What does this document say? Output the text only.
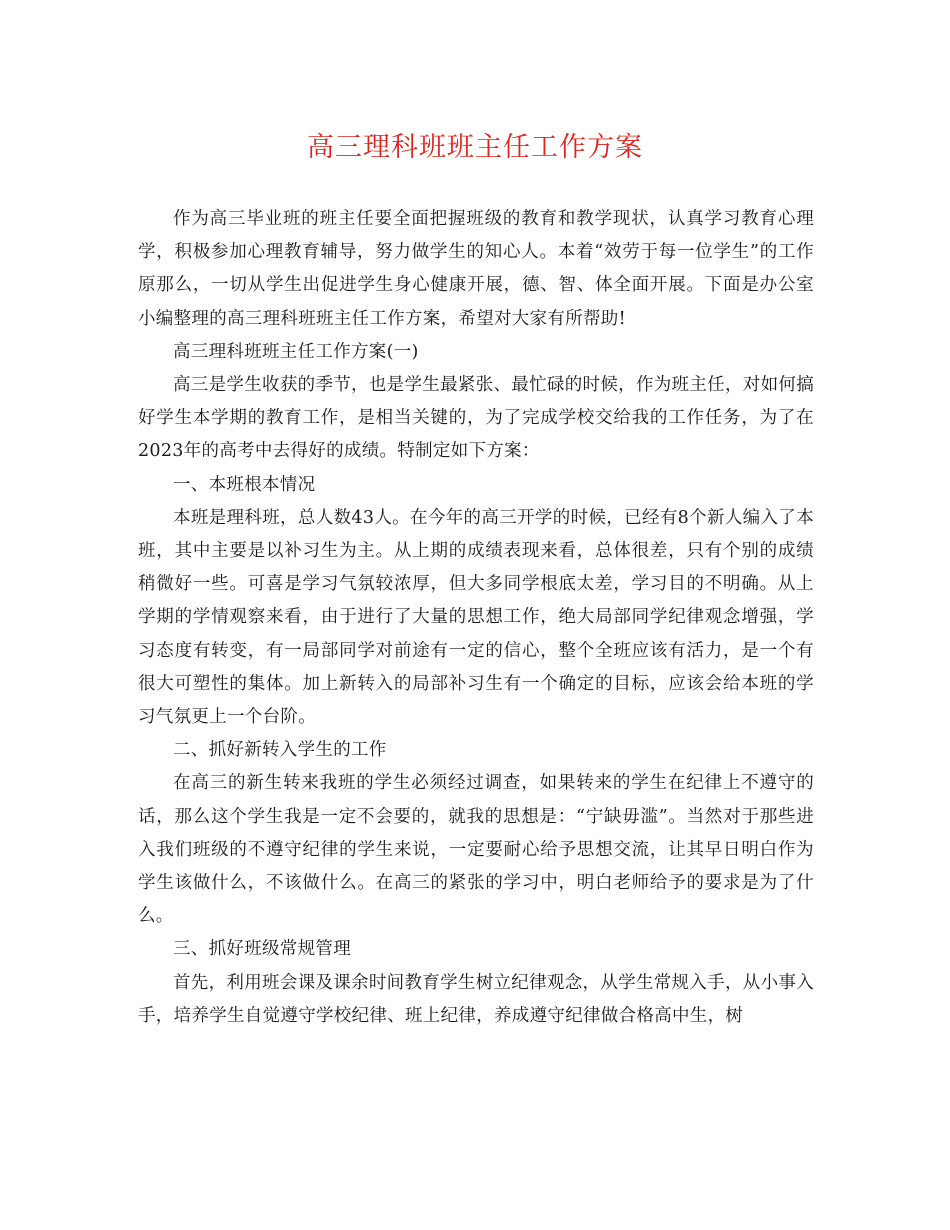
高三理科班班主任工作方案

作为高三毕业班的班主任要全面把握班级的教育和教学现状，认真学习教育心理学，积极参加心理教育辅导，努力做学生的知心人。本着“效劳于每一位学生”的工作原那么，一切从学生出促进学生身心健康开展，德、智、体全面开展。下面是办公室小编整理的高三理科班班主任工作方案，希望对大家有所帮助!

高三理科班班主任工作方案(一)

高三是学生收获的季节，也是学生最紧张、最忙碌的时候，作为班主任，对如何搞好学生本学期的教育工作，是相当关键的，为了完成学校交给我的工作任务，为了在2023年的高考中去得好的成绩。特制定如下方案：

一、本班根本情况

本班是理科班，总人数43人。在今年的高三开学的时候，已经有8个新人编入了本班，其中主要是以补习生为主。从上期的成绩表现来看，总体很差，只有个别的成绩稍微好一些。可喜是学习气氛较浓厚，但大多同学根底太差，学习目的不明确。从上学期的学情观察来看，由于进行了大量的思想工作，绝大局部同学纪律观念增强，学习态度有转变，有一局部同学对前途有一定的信心，整个全班应该有活力，是一个有很大可塑性的集体。加上新转入的局部补习生有一个确定的目标，应该会给本班的学习气氛更上一个台阶。

二、抓好新转入学生的工作

在高三的新生转来我班的学生必须经过调查，如果转来的学生在纪律上不遵守的话，那么这个学生我是一定不会要的，就我的思想是：“宁缺毋滥”。当然对于那些进入我们班级的不遵守纪律的学生来说，一定要耐心给予思想交流，让其早日明白作为学生该做什么，不该做什么。在高三的紧张的学习中，明白老师给予的要求是为了什么。

三、抓好班级常规管理

首先，利用班会课及课余时间教育学生树立纪律观念，从学生常规入手，从小事入手，培养学生自觉遵守学校纪律、班上纪律，养成遵守纪律做合格高中生，树
